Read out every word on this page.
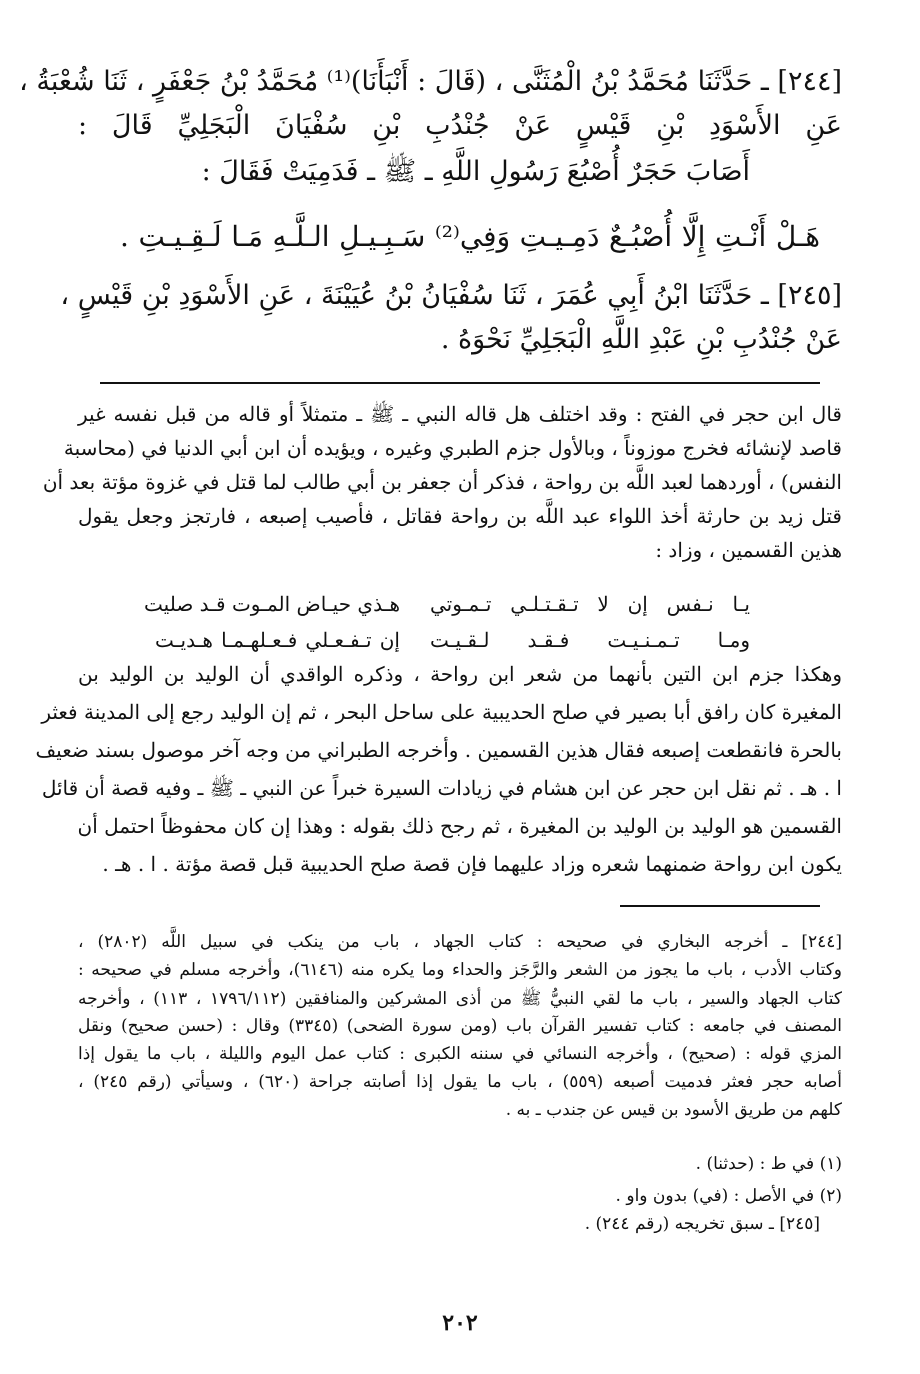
[٢٤٤] ـ حَدَّثَنَا مُحَمَّدُ بْنُ الْمُثَنَّى ، (قَالَ : أَنْبَأَنَا)⁽¹⁾ مُحَمَّدُ بْنُ جَعْفَرٍ ، ثَنَا شُعْبَةُ ،
عَنِ الأَسْوَدِ بْنِ قَيْسٍ عَنْ جُنْدُبِ بْنِ سُفْيَانَ الْبَجَلِيِّ قَالَ :
أَصَابَ حَجَرٌ أُصْبُعَ رَسُولِ اللَّهِ ـ ﷺ ـ فَدَمِيَتْ فَقَالَ :
هَـلْ أَنْـتِ إِلَّا أُصْبُـعٌ دَمِـيـتِ وَفِي⁽²⁾ سَـبِـيـلِ الـلَّـهِ مَـا لَـقِـيـتِ .
[٢٤٥] ـ حَدَّثَنَا ابْنُ أَبِي عُمَرَ ، ثَنَا سُفْيَانُ بْنُ عُيَيْنَةَ ، عَنِ الأَسْوَدِ بْنِ قَيْسٍ ،
عَنْ جُنْدُبِ بْنِ عَبْدِ اللَّهِ الْبَجَلِيِّ نَحْوَهُ .
قال ابن حجر في الفتح : وقد اختلف هل قاله النبي ـ ﷺ ـ متمثلاً أو قاله من قبل نفسه غير
قاصد لإنشائه فخرج موزوناً ، وبالأول جزم الطبري وغيره ، ويؤيده أن ابن أبي الدنيا في (محاسبة
النفس) ، أوردهما لعبد اللَّه بن رواحة ، فذكر أن جعفر بن أبي طالب لما قتل في غزوة مؤتة بعد أن
قتل زيد بن حارثة أخذ اللواء عبد اللَّه بن رواحة فقاتل ، فأصيب إصبعه ، فارتجز وجعل يقول
هذين القسمين ، وزاد :
يـا نـفس إن لا تـقـتـلـي تـمـوتي
هـذي حيـاض المـوت قـد صليت
ومـا تـمـنـيـت فـقـد لـقـيـت
إن تـفـعـلي فـعـلهـمـا هـديـت
وهكذا جزم ابن التين بأنهما من شعر ابن رواحة ، وذكره الواقدي أن الوليد بن الوليد بن
المغيرة كان رافق أبا بصير في صلح الحديبية على ساحل البحر ، ثم إن الوليد رجع إلى المدينة فعثر
بالحرة فانقطعت إصبعه فقال هذين القسمين . وأخرجه الطبراني من وجه آخر موصول بسند ضعيف
ا . هـ . ثم نقل ابن حجر عن ابن هشام في زيادات السيرة خبراً عن النبي ـ ﷺ ـ وفيه قصة أن قائل
القسمين هو الوليد بن الوليد بن المغيرة ، ثم رجح ذلك بقوله : وهذا إن كان محفوظاً احتمل أن
يكون ابن رواحة ضمنهما شعره وزاد عليهما فإن قصة صلح الحديبية قبل قصة مؤتة . ا . هـ .
[٢٤٤] ـ أخرجه البخاري في صحيحه : كتاب الجهاد ، باب من ينكب في سبيل اللَّه (٢٨٠٢) ،
وكتاب الأدب ، باب ما يجوز من الشعر والرَّجَز والحداء وما يكره منه (٦١٤٦)، وأخرجه مسلم في صحيحه :
كتاب الجهاد والسير ، باب ما لقي النبيُّ ﷺ من أذى المشركين والمنافقين (١٧٩٦/١١٢ ، ١١٣) ، وأخرجه
المصنف في جامعه : كتاب تفسير القرآن باب (ومن سورة الضحى) (٣٣٤٥) وقال : (حسن صحيح) ونقل
المزي قوله : (صحيح) ، وأخرجه النسائي في سننه الكبرى : كتاب عمل اليوم والليلة ، باب ما يقول إذا
أصابه حجر فعثر فدميت أصبعه (٥٥٩) ، باب ما يقول إذا أصابته جراحة (٦٢٠) ، وسيأتي (رقم ٢٤٥) ،
كلهم من طريق الأسود بن قيس عن جندب ـ به .
(١) في ط : (حدثنا) .
(٢) في الأصل : (في) بدون واو .
[٢٤٥] ـ سبق تخريجه (رقم ٢٤٤) .
٢٠٢
